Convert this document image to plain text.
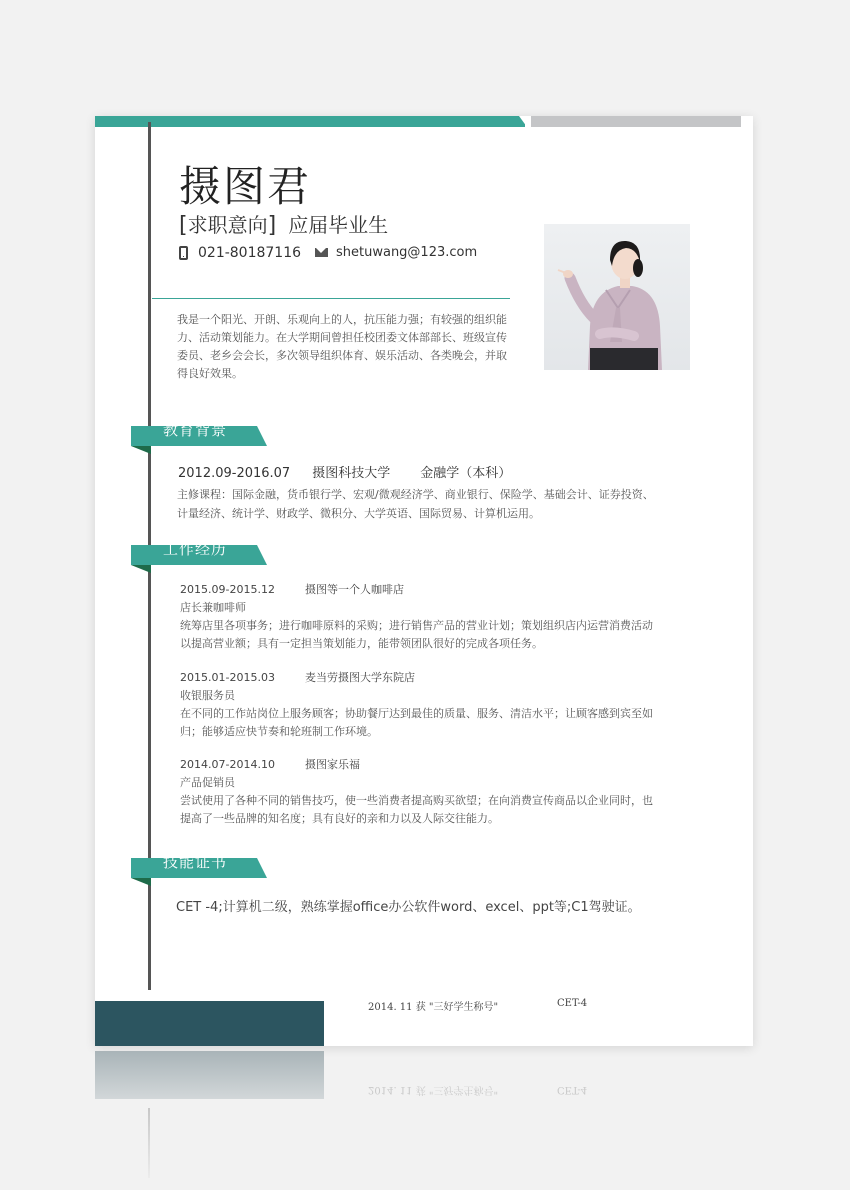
摄图君
[求职意向] 应届毕业生
021-80187116	shetuwang@123.com

我是一个阳光、开朗、乐观向上的人，抗压能力强；有较强的组织能力、活动策划能力。在大学期间曾担任校团委文体部部长、班级宣传委员、老乡会会长，多次领导组织体育、娱乐活动、各类晚会，并取得良好效果。

教育背景
2012.09-2016.07 摄图科技大学 金融学（本科）

主修课程：国际金融，货币银行学、宏观/微观经济学、商业银行、保险学、基础会计、证券投资、计量经济、统计学、财政学、微积分、大学英语、国际贸易、计算机运用。

工作经历
2015.09-2015.12	摄图等一个人咖啡店
店长兼咖啡师

统筹店里各项事务；进行咖啡原料的采购；进行销售产品的营业计划；策划组织店内运营消费活动以提高营业额；具有一定担当策划能力，能带领团队很好的完成各项任务。

2015.01-2015.03	麦当劳摄图大学东院店
收银服务员

在不同的工作站岗位上服务顾客；协助餐厅达到最佳的质量、服务、清洁水平；让顾客感到宾至如归；能够适应快节奏和轮班制工作环境。

2014.07-2014.10	摄图家乐福
产品促销员

尝试使用了各种不同的销售技巧，使一些消费者提高购买欲望；在向消费宣传商品以企业同时，也提高了一些品牌的知名度；具有良好的亲和力以及人际交往能力。

技能证书
CET -4;计算机二级，熟练掌握office办公软件word、excel、ppt等;C1驾驶证。
2014. 11 获 "三好学生称号"	CET-4
2014. 11 获 "三好学生称号"	CET-4
